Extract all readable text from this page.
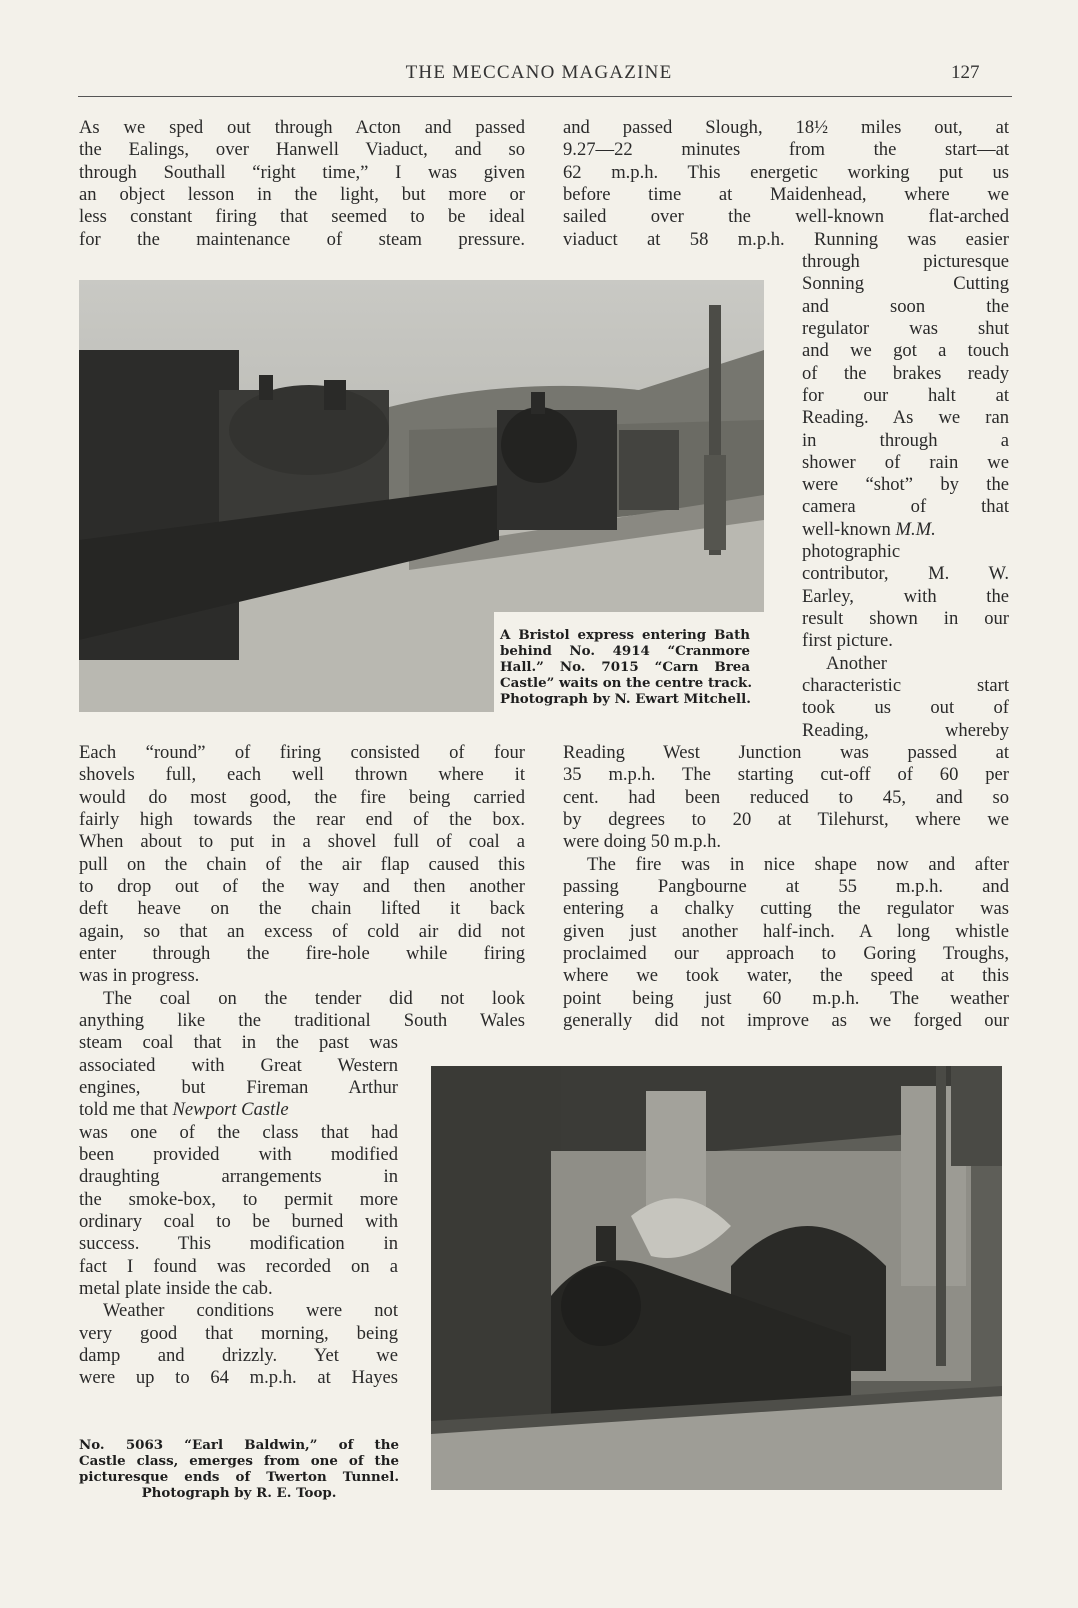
THE MECCANO MAGAZINE	127

As we sped out through Acton and passed

the Ealings, over Hanwell Viaduct, and so

through Southall “right time,” I was given

an object lesson in the light, but more or

less constant firing that seemed to be ideal

for the maintenance of steam pressure.

and passed Slough, 18½ miles out, at

9.27—22 minutes from the start—at

62 m.p.h. This energetic working put us

before time at Maidenhead, where we

sailed over the well-known flat-arched

viaduct at 58 m.p.h. Running was easier

A Bristol express entering Bath

behind No. 4914 “Cranmore

Hall.” No. 7015 “Carn Brea

Castle” waits on the centre track.

Photograph by N. Ewart Mitchell.

through picturesque

Sonning Cutting

and soon the

regulator was shut

and we got a touch

of the brakes ready

for our halt at

Reading. As we ran

in through a

shower of rain we

were “shot” by the

camera of that

well-known M.M.

photographic

contributor, M. W.

Earley, with the

result shown in our

first picture.

Another

characteristic start

took us out of

Reading, whereby

Each “round” of firing consisted of four

shovels full, each well thrown where it

would do most good, the fire being carried

fairly high towards the rear end of the box.

When about to put in a shovel full of coal a

pull on the chain of the air flap caused this

to drop out of the way and then another

deft heave on the chain lifted it back

again, so that an excess of cold air did not

enter through the fire-hole while firing

was in progress.

The coal on the tender did not look

anything like the traditional South Wales

Reading West Junction was passed at

35 m.p.h. The starting cut-off of 60 per

cent. had been reduced to 45, and so

by degrees to 20 at Tilehurst, where we

were doing 50 m.p.h.

The fire was in nice shape now and after

passing Pangbourne at 55 m.p.h. and

entering a chalky cutting the regulator was

given just another half-inch. A long whistle

proclaimed our approach to Goring Troughs,

where we took water, the speed at this

point being just 60 m.p.h. The weather

generally did not improve as we forged our

steam coal that in the past was

associated with Great Western

engines, but Fireman Arthur

told me that Newport Castle

was one of the class that had

been provided with modified

draughting arrangements in

the smoke-box, to permit more

ordinary coal to be burned with

success. This modification in

fact I found was recorded on a

metal plate inside the cab.

Weather conditions were not

very good that morning, being

damp and drizzly. Yet we

were up to 64 m.p.h. at Hayes

No. 5063 “Earl Baldwin,” of the

Castle class, emerges from one of the

picturesque ends of Twerton Tunnel.

Photograph by R. E. Toop.
